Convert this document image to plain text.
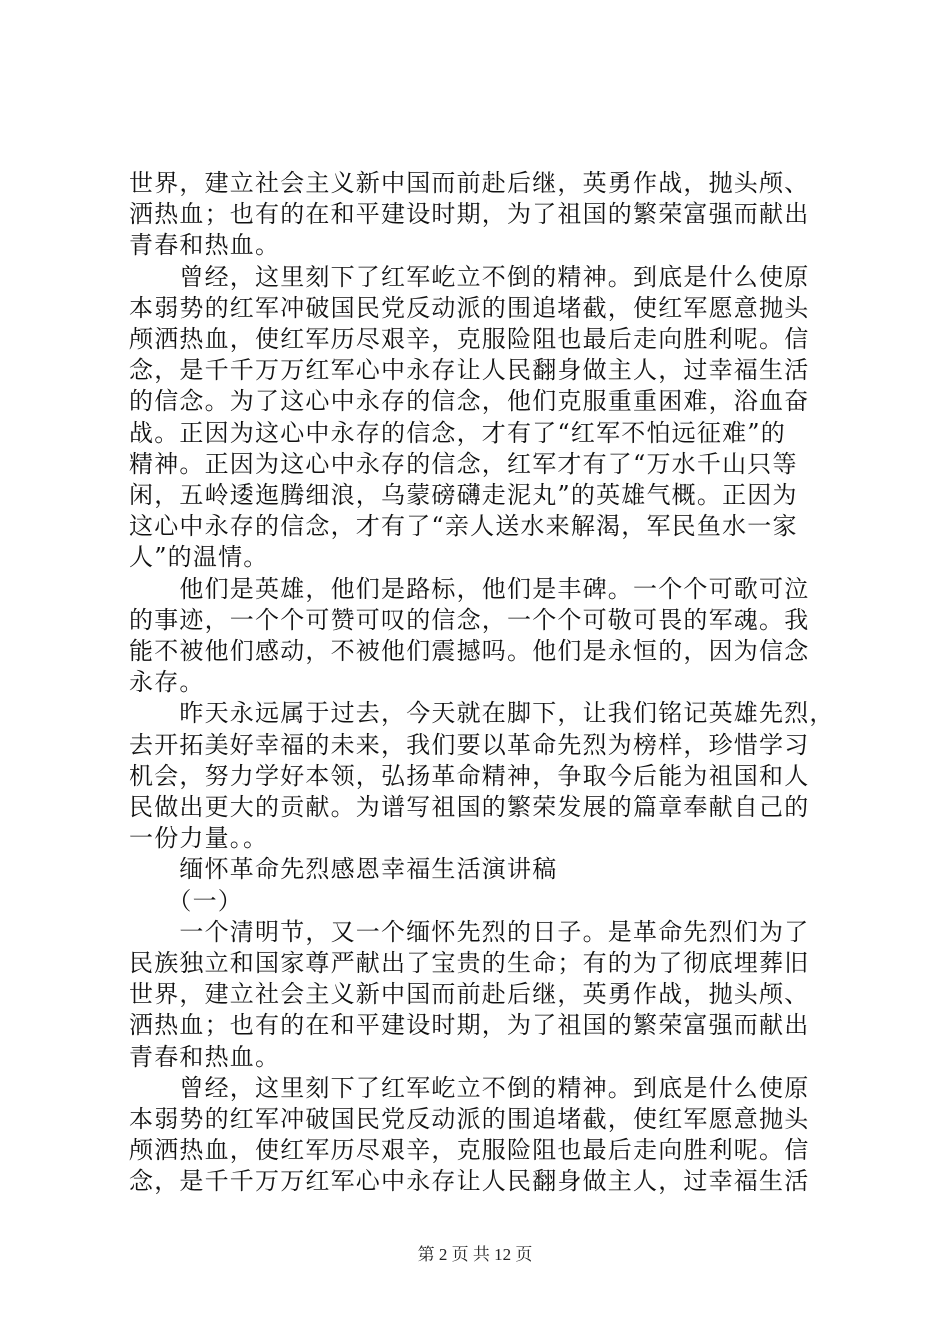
世界，建立社会主义新中国而前赴后继，英勇作战，抛头颅、
洒热血；也有的在和平建设时期，为了祖国的繁荣富强而献出
青春和热血。
　　曾经，这里刻下了红军屹立不倒的精神。到底是什么使原
本弱势的红军冲破国民党反动派的围追堵截，使红军愿意抛头
颅洒热血，使红军历尽艰辛，克服险阻也最后走向胜利呢。信
念，是千千万万红军心中永存让人民翻身做主人，过幸福生活
的信念。为了这心中永存的信念，他们克服重重困难，浴血奋
战。正因为这心中永存的信念，才有了“红军不怕远征难”的
精神。正因为这心中永存的信念，红军才有了“万水千山只等
闲，五岭逶迤腾细浪，乌蒙磅礴走泥丸”的英雄气概。正因为
这心中永存的信念，才有了“亲人送水来解渴，军民鱼水一家
人”的温情。
　　他们是英雄，他们是路标，他们是丰碑。一个个可歌可泣
的事迹，一个个可赞可叹的信念，一个个可敬可畏的军魂。我
能不被他们感动，不被他们震撼吗。他们是永恒的，因为信念
永存。
　　昨天永远属于过去，今天就在脚下，让我们铭记英雄先烈，
去开拓美好幸福的未来，我们要以革命先烈为榜样，珍惜学习
机会，努力学好本领，弘扬革命精神，争取今后能为祖国和人
民做出更大的贡献。为谱写祖国的繁荣发展的篇章奉献自己的
一份力量。。
　　缅怀革命先烈感恩幸福生活演讲稿
　　（一）
　　一个清明节，又一个缅怀先烈的日子。是革命先烈们为了
民族独立和国家尊严献出了宝贵的生命；有的为了彻底埋葬旧
世界，建立社会主义新中国而前赴后继，英勇作战，抛头颅、
洒热血；也有的在和平建设时期，为了祖国的繁荣富强而献出
青春和热血。
　　曾经，这里刻下了红军屹立不倒的精神。到底是什么使原
本弱势的红军冲破国民党反动派的围追堵截，使红军愿意抛头
颅洒热血，使红军历尽艰辛，克服险阻也最后走向胜利呢。信
念，是千千万万红军心中永存让人民翻身做主人，过幸福生活
第 2 页 共 12 页
